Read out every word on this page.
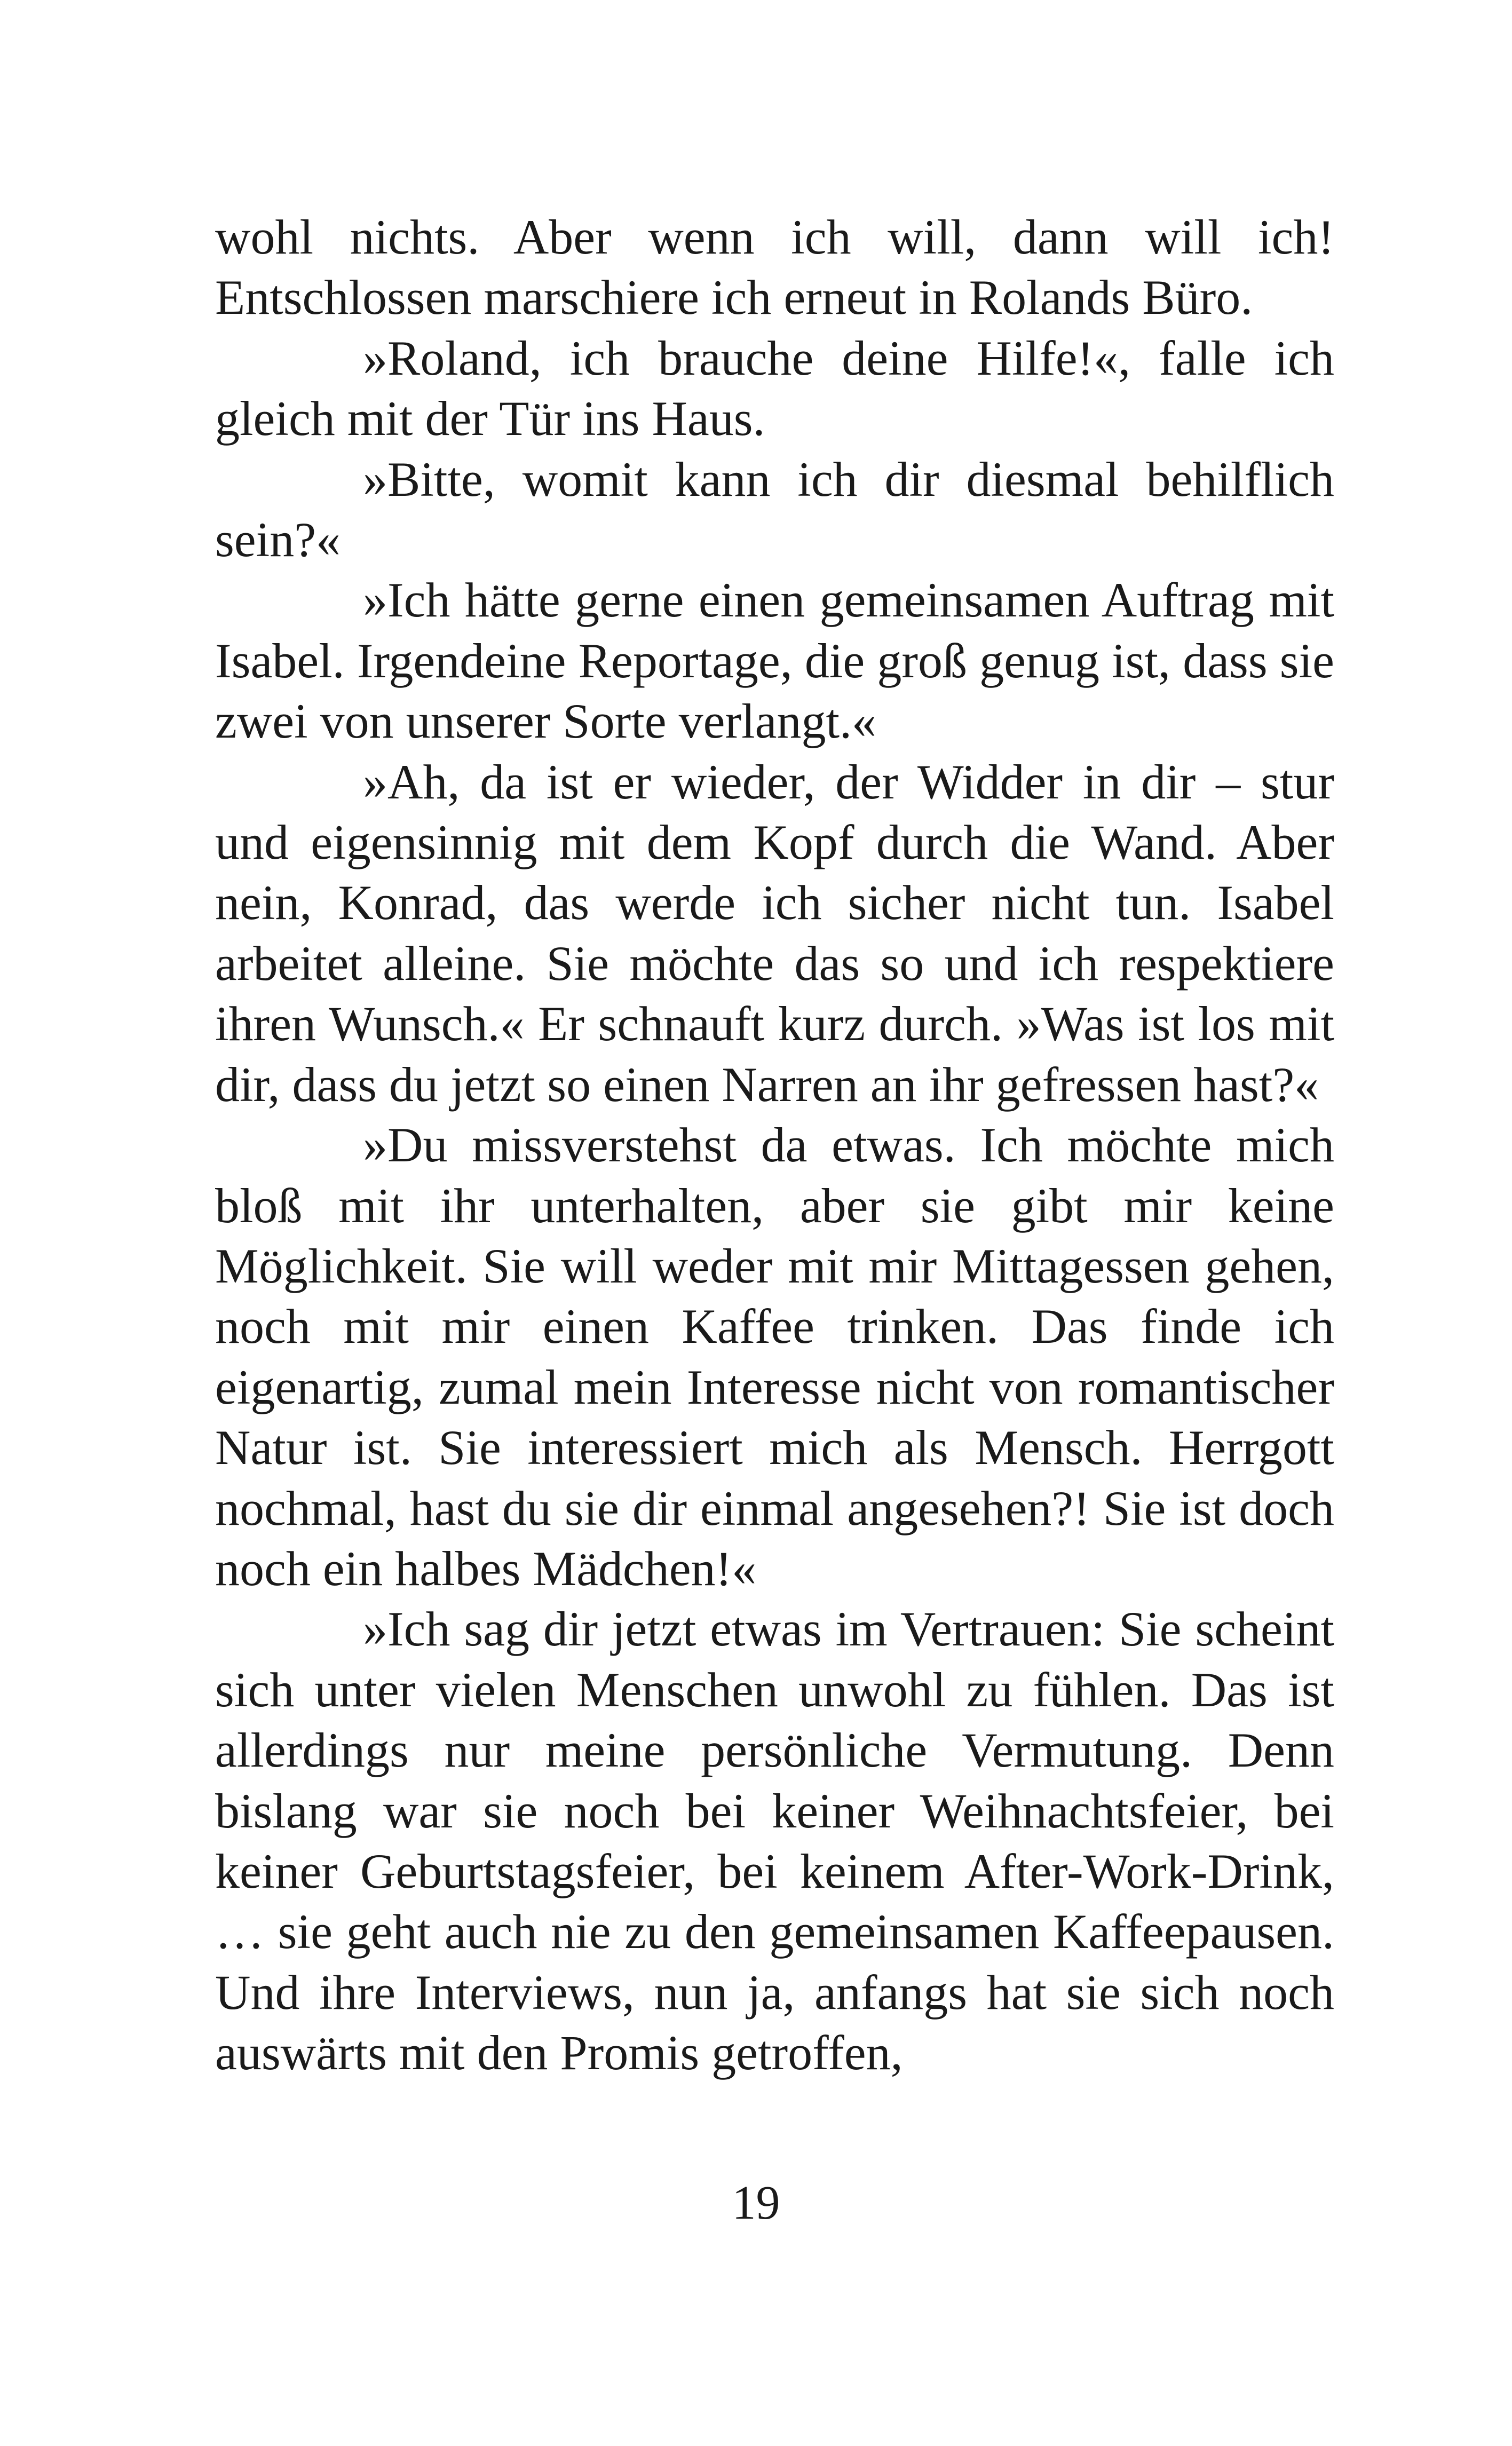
wohl nichts. Aber wenn ich will, dann will ich! Entschlossen marschiere ich erneut in Rolands Büro.

»Roland, ich brauche deine Hilfe!«, falle ich gleich mit der Tür ins Haus.

»Bitte, womit kann ich dir diesmal behilflich sein?«

»Ich hätte gerne einen gemeinsamen Auftrag mit Isabel. Irgendeine Reportage, die groß genug ist, dass sie zwei von unserer Sorte verlangt.«

»Ah, da ist er wieder, der Widder in dir – stur und eigensinnig mit dem Kopf durch die Wand. Aber nein, Konrad, das werde ich sicher nicht tun. Isabel arbeitet alleine. Sie möchte das so und ich respektiere ihren Wunsch.« Er schnauft kurz durch. »Was ist los mit dir, dass du jetzt so einen Narren an ihr gefressen hast?«

»Du missverstehst da etwas. Ich möchte mich bloß mit ihr unterhalten, aber sie gibt mir keine Möglichkeit. Sie will weder mit mir Mittagessen gehen, noch mit mir einen Kaffee trinken. Das finde ich eigenartig, zumal mein Interesse nicht von romantischer Natur ist. Sie interessiert mich als Mensch. Herrgott nochmal, hast du sie dir einmal angesehen?! Sie ist doch noch ein halbes Mädchen!«

»Ich sag dir jetzt etwas im Vertrauen: Sie scheint sich unter vielen Menschen unwohl zu fühlen. Das ist allerdings nur meine persönliche Vermutung. Denn bislang war sie noch bei keiner Weihnachtsfeier, bei keiner Geburtstagsfeier, bei keinem After-Work-Drink, … sie geht auch nie zu den gemeinsamen Kaffeepausen. Und ihre Interviews, nun ja, anfangs hat sie sich noch auswärts mit den Promis getroffen,

19
